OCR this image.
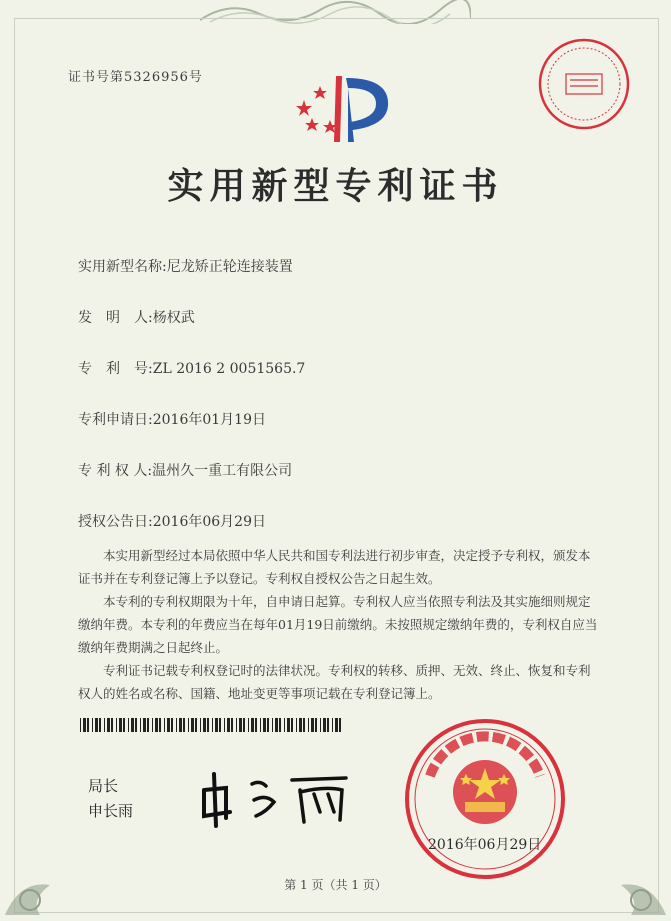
证书号第5326956号
实用新型专利证书
实用新型名称:尼龙矫正轮连接装置
发　明　人:杨权武
专　利　号:ZL 2016 2 0051565.7
专利申请日:2016年01月19日
专 利 权 人:温州久一重工有限公司
授权公告日:2016年06月29日

本实用新型经过本局依照中华人民共和国专利法进行初步审查，决定授予专利权，颁发本证书并在专利登记簿上予以登记。专利权自授权公告之日起生效。

本专利的专利权期限为十年，自申请日起算。专利权人应当依照专利法及其实施细则规定缴纳年费。本专利的年费应当在每年01月19日前缴纳。未按照规定缴纳年费的，专利权自应当缴纳年费期满之日起终止。

专利证书记载专利权登记时的法律状况。专利权的转移、质押、无效、终止、恢复和专利权人的姓名或名称、国籍、地址变更等事项记载在专利登记簿上。

局长
申长雨
2016年06月29日
第 1 页（共 1 页）
